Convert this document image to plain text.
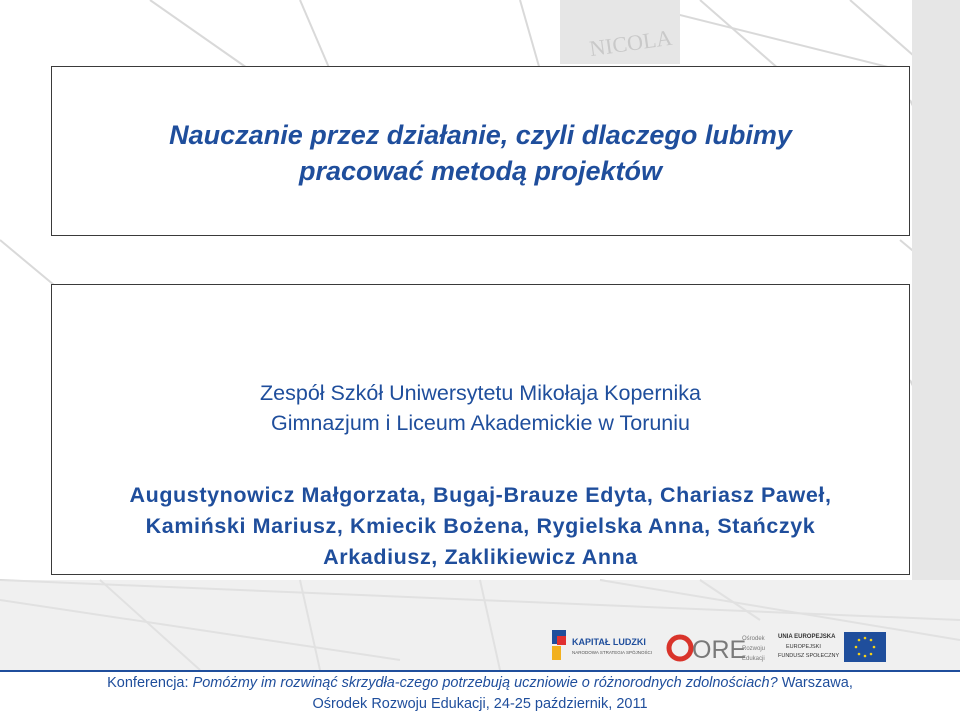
NICOLA
Nauczanie przez działanie, czyli dlaczego lubimy
pracować metodą projektów
Zespół Szkół Uniwersytetu Mikołaja Kopernika
Gimnazjum i Liceum Akademickie w Toruniu
Augustynowicz Małgorzata, Bugaj-Brauze Edyta, Chariasz Paweł,
Kamiński Mariusz, Kmiecik Bożena, Rygielska Anna, Stańczyk
Arkadiusz, Zaklikiewicz Anna
KAPITAŁ LUDZKI
NARODOWA STRATEGIA SPÓJNOŚCI ORE
Ośrodek
Rozwoju
Edukacji
UNIA EUROPEJSKA
EUROPEJSKI
FUNDUSZ SPOŁECZNY
Konferencja: Pomóżmy im rozwinąć skrzydła-czego potrzebują uczniowie o różnorodnych zdolnościach? Warszawa,
Ośrodek Rozwoju Edukacji, 24-25 październik, 2011
